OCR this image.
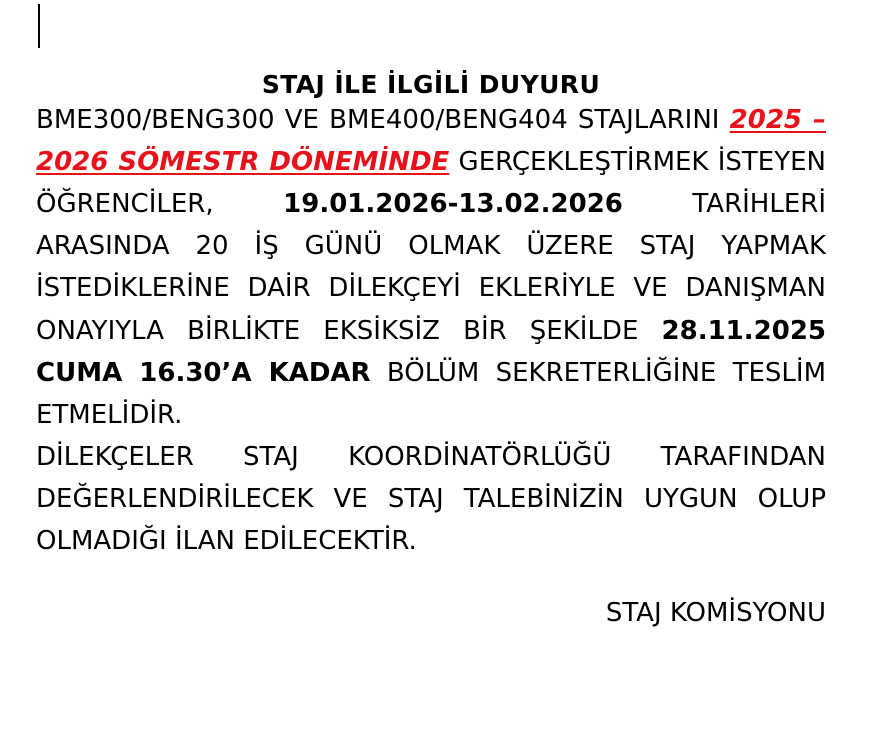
STAJ İLE İLGİLİ DUYURU

BME300/BENG300 VE BME400/BENG404 STAJLARINI 2025 – 2026 SÖMESTR DÖNEMİNDE GERÇEKLEŞTİRMEK İSTEYEN ÖĞRENCİLER, 19.01.2026-13.02.2026 TARİHLERİ ARASINDA 20 İŞ GÜNÜ OLMAK ÜZERE STAJ YAPMAK İSTEDİKLERİNE DAİR DİLEKÇEYİ EKLERİYLE VE DANIŞMAN ONAYIYLA BİRLİKTE EKSİKSİZ BİR ŞEKİLDE 28.11.2025 CUMA 16.30’A KADAR BÖLÜM SEKRETERLİĞİNE TESLİM ETMELİDİR.

DİLEKÇELER STAJ KOORDİNATÖRLÜĞÜ TARAFINDAN DEĞERLENDİRİLECEK VE STAJ TALEBİNİZİN UYGUN OLUP OLMADIĞI İLAN EDİLECEKTİR.

STAJ KOMİSYONU
